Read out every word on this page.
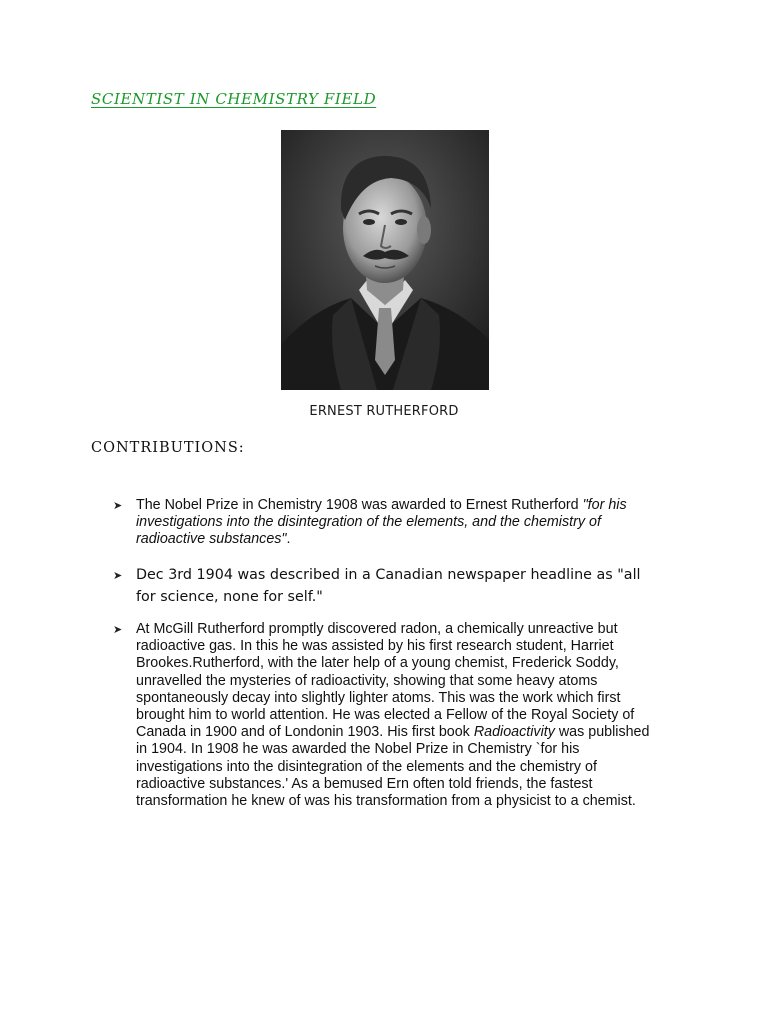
SCIENTIST IN CHEMISTRY FIELD
ERNEST RUTHERFORD
CONTRIBUTIONS:
➤ The Nobel Prize in Chemistry 1908 was awarded to Ernest Rutherford "for his investigations into the disintegration of the elements, and the chemistry of radioactive substances".
➤ Dec 3rd 1904 was described in a Canadian newspaper headline as "all for science, none for self."
➤ At McGill Rutherford promptly discovered radon, a chemically unreactive but radioactive gas. In this he was assisted by his first research student, Harriet Brookes.Rutherford, with the later help of a young chemist, Frederick Soddy, unravelled the mysteries of radioactivity, showing that some heavy atoms spontaneously decay into slightly lighter atoms. This was the work which first brought him to world attention. He was elected a Fellow of the Royal Society of Canada in 1900 and of Londonin 1903. His first book Radioactivity was published in 1904. In 1908 he was awarded the Nobel Prize in Chemistry `for his investigations into the disintegration of the elements and the chemistry of radioactive substances.' As a bemused Ern often told friends, the fastest transformation he knew of was his transformation from a physicist to a chemist.
